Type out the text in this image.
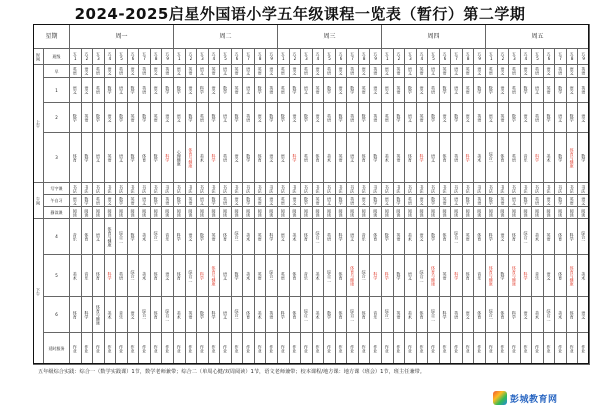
2024-2025启星外国语小学五年级课程一览表（暂行）第二学期
星期		周一									周二									周三									周四									周五								
时间	班级	五1	五2	五3	五4	五5	五6	五7	五8	五9	五1	五2	五3	五4	五5	五6	五7	五8	五9	五1	五2	五3	五4	五5	五6	五7	五8	五9	五1	五2	五3	五4	五5	五6	五7	五8	五9	五1	五2	五3	五4	五5	五6	五7	五8	五9
上午	早	英语	语文	英语	语文	英语	语文	英语	语文	英语	语文	英语	语文	英语	语文	英语	语文	英语	语文	英语	语文	英语	语文	英语	语文	英语	语文	英语	语文	英语	语文	英语	语文	英语	语文	英语	语文	英语	语文	英语	语文	英语	语文	英语	语文	英语
	1	语文	语文	英语	数学	语文	数学	英语	语文	数学	数学	语文	科学	语文	数学	英语	语文	数学	英语	英语	数学	语文	英语	数学	语文	数学	英语	语文	语文	英语	数学	语文	英语	数学	语文	英语	数学	数学	语文	英语	数学	语文	英语	数学	语文	英语
	2	数学	英语	数学	语文	数学	英语	数学	英语	语文	语文	数学	英语	数学	语文	数学	英语	语文	数学	数学	语文	数学	语文	英语	数学	英语	数学	英语	英语	数学	语文	英语	数学	语文	数学	语文	英语	语文	英语	数学	语文	英语	数学	语文	数学	语文
	3	体育	数学	语文	英语	语文	数学	体育	数学	科学	心理健康	体育与健康	美术	科学	英语	语文	数学	体育	语文	语文	科学	英语	体育	美术	英语	语文	体育	数学	美术	英语	体育	科学	语文	体育	英语	科学	美术	综合一	体育	英语	音乐	科学	美术	数学	体育与健康	数学
午间	写字课	书法	书法	书法	书法	书法	书法	书法	书法	书法	书法	书法	书法	书法	书法	书法	书法	书法	书法	书法	书法	书法	书法	书法	书法	书法	书法	书法	书法	书法	书法	书法	书法	书法	书法	书法	书法	书法	书法	书法	书法	书法	书法	书法	书法	书法
	午自习	语文	数学	英语	语文	数学	英语	语文	数学	英语	数学	英语	语文	数学	英语	语文	数学	英语	语文	英语	语文	数学	英语	语文	数学	英语	语文	数学	语文	数学	英语	语文	数学	英语	语文	数学	英语	数学	英语	语文	数学	英语	语文	数学	英语	语文
	静读课	阅读	阅读	阅读	阅读	阅读	阅读	阅读	阅读	阅读	阅读	阅读	阅读	阅读	阅读	阅读	阅读	阅读	阅读	阅读	阅读	阅读	阅读	阅读	阅读	阅读	阅读	阅读	阅读	阅读	阅读	阅读	阅读	阅读	阅读	阅读	阅读	阅读	阅读	阅读	阅读	阅读	阅读	阅读	阅读	阅读
下午	4	音乐	体育	语文	体育与健康	综合二	数学	美术	综合一	音乐	科学	语文	数学	英语	体育	综合一	美术	英语	科学	语文	美术	体育	综合二	英语	科学	语文	音乐	体育	数学	英语	美术	语文	数学	体育	综合二	英语	体育	科学	语文	体育	综合二	美术	英语	体育	科学	综合一
	5	美术	音乐	体育	科学	英语	综合一	美术	体育	语文	体育	综合二	科学	体育与健康	语文	数学	美术	英语	综合一	英语	体育	音乐	美术	综合二	体育	体育与健康	综合一	科学	科学	数学	语文	综合二	体育与健康	英语	科学	体育	音乐	体育与健康	数学	体育与健康	科学	音乐	语文	体育	体育与健康	美术
	6	体育	科学	体育与健康	美术	音乐	语文	综合一	体育	综合二	美术	英语	数学	科学	语文	综合一	体育	美术	英语	科学	体育	综合二	美术	数学	体育	综合二	体育	音乐	综合一	英语	美术	体育	综合二	科学	英语	语文	体育	综合一	体育	科学	语文	美术	综合二	美术	体育	语文
	延时服务	作业	作业	作业	作业	作业	作业	作业	作业	作业	作业	作业	作业	作业	作业	作业	作业	作业	作业	作业	作业	作业	作业	作业	作业	作业	作业	作业	作业	作业	作业	作业	作业	作业	作业	作业	作业	作业	作业	作业	作业	作业	作业	作业	作业	作业
五年级综合实践：综合一（数学实践课）1节，数学老师兼带；综合二（单周心健/双周阅读）1节，语文老师兼带；校本课程/地方课：地方课（班会）1节，班主任兼带。
彭城教育网
